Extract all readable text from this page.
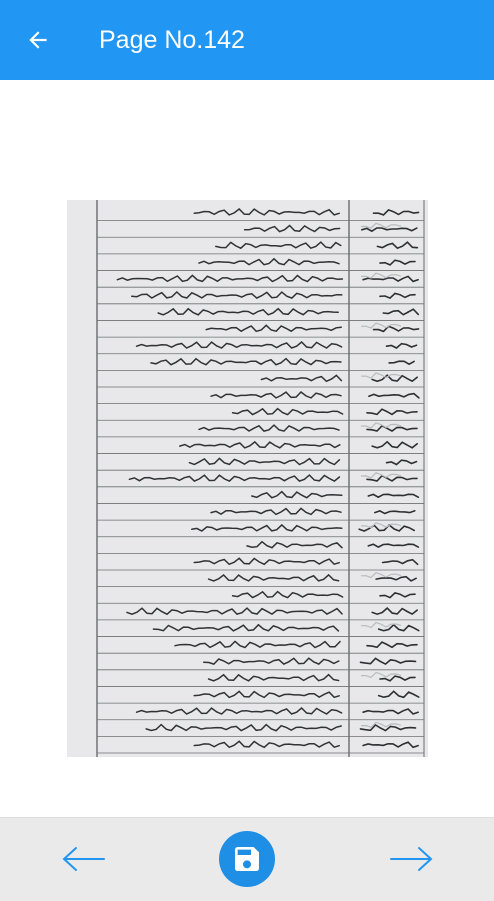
Page No.142
